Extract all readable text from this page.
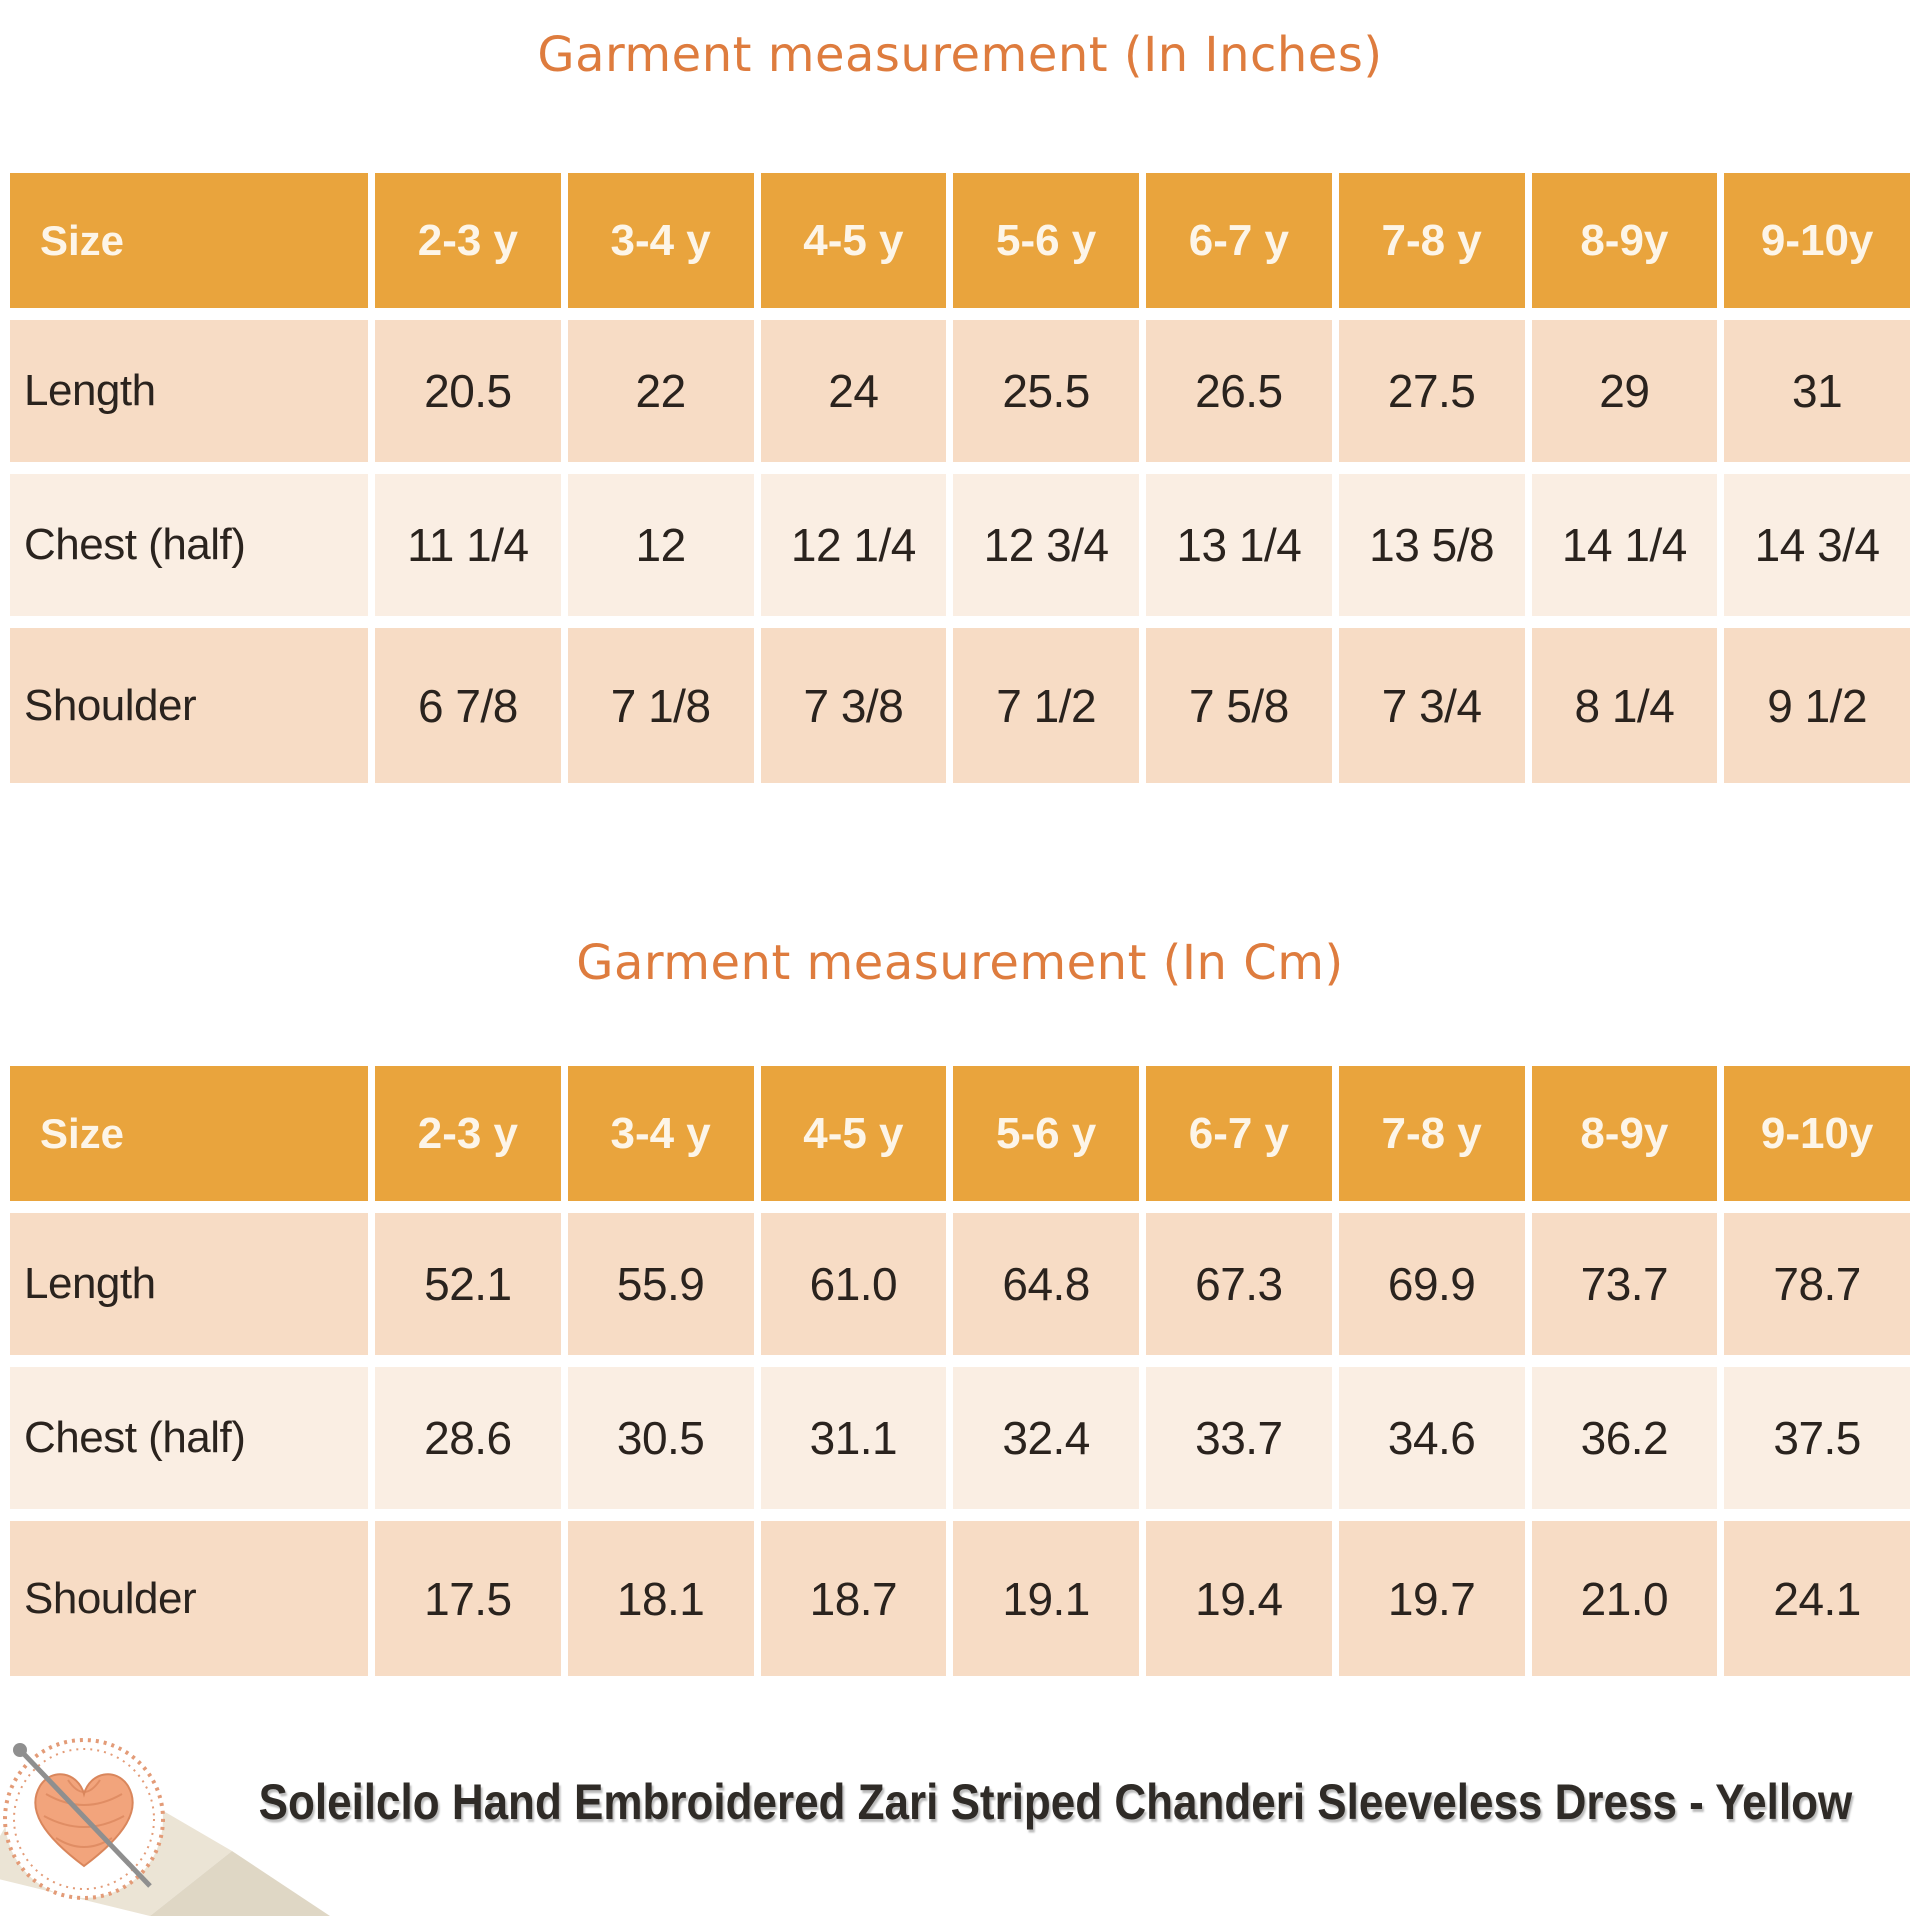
Garment measurement (In Inches)
Size	2-3 y	3-4 y	4-5 y	5-6 y	6-7 y	7-8 y	8-9y	9-10y
Length	20.5	22	24	25.5	26.5	27.5	29	31
Chest (half)	11 1/4	12	12 1/4	12 3/4	13 1/4	13 5/8	14 1/4	14 3/4
Shoulder	6 7/8	7 1/8	7 3/8	7 1/2	7 5/8	7 3/4	8 1/4	9 1/2
Garment measurement (In Cm)
Size	2-3 y	3-4 y	4-5 y	5-6 y	6-7 y	7-8 y	8-9y	9-10y
Length	52.1	55.9	61.0	64.8	67.3	69.9	73.7	78.7
Chest (half)	28.6	30.5	31.1	32.4	33.7	34.6	36.2	37.5
Shoulder	17.5	18.1	18.7	19.1	19.4	19.7	21.0	24.1
Soleilclo Hand Embroidered Zari Striped Chanderi Sleeveless Dress - Yellow
